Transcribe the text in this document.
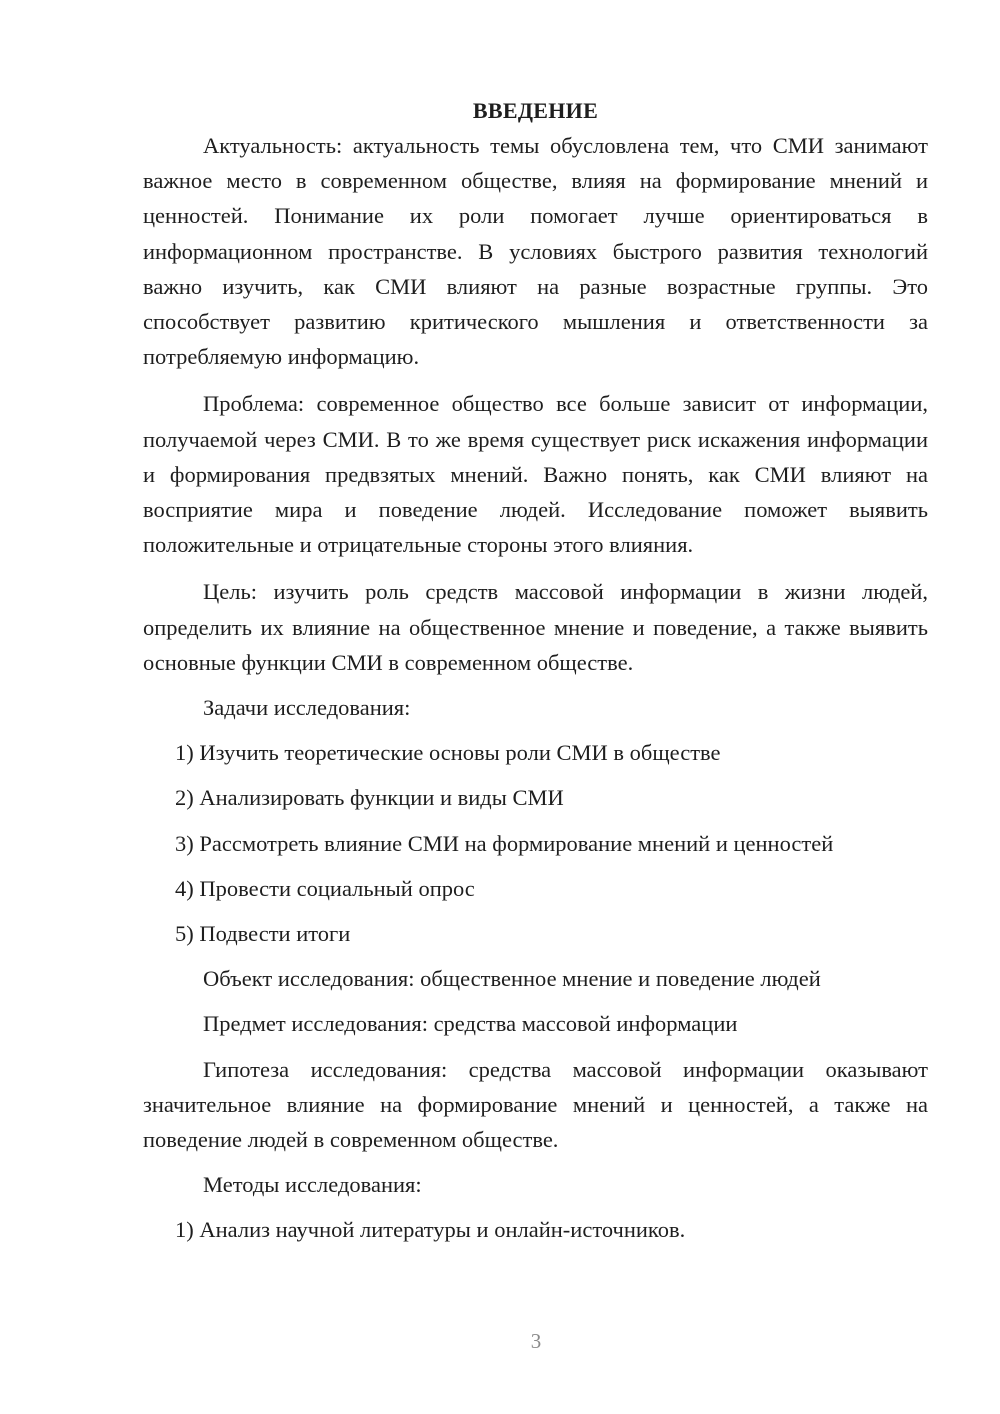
ВВЕДЕНИЕ

Актуальность: актуальность темы обусловлена тем, что СМИ занимают важное место в современном обществе, влияя на формирование мнений и ценностей. Понимание их роли помогает лучше ориентироваться в информационном пространстве. В условиях быстрого развития технологий важно изучить, как СМИ влияют на разные возрастные группы. Это способствует развитию критического мышления и ответственности за потребляемую информацию.

Проблема: современное общество все больше зависит от информации, получаемой через СМИ. В то же время существует риск искажения информации и формирования предвзятых мнений. Важно понять, как СМИ влияют на восприятие мира и поведение людей. Исследование поможет выявить положительные и отрицательные стороны этого влияния.

Цель: изучить роль средств массовой информации в жизни людей, определить их влияние на общественное мнение и поведение, а также выявить основные функции СМИ в современном обществе.

Задачи исследования:

1) Изучить теоретические основы роли СМИ в обществе

2) Анализировать функции и виды СМИ

3) Рассмотреть влияние СМИ на формирование мнений и ценностей

4) Провести социальный опрос

5) Подвести итоги

Объект исследования: общественное мнение и поведение людей

Предмет исследования: средства массовой информации

Гипотеза исследования: средства массовой информации оказывают значительное влияние на формирование мнений и ценностей, а также на поведение людей в современном обществе.

Методы исследования:

1) Анализ научной литературы и онлайн-источников.

3
